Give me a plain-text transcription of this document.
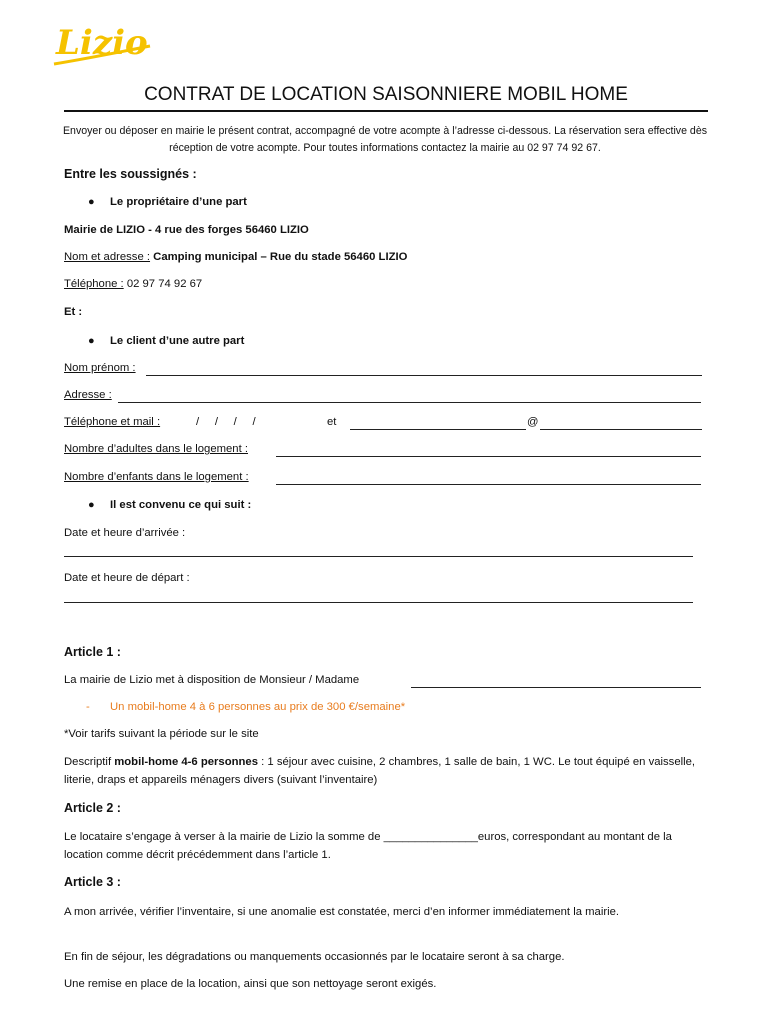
Lizio
CONTRAT DE LOCATION SAISONNIERE MOBIL HOME
Envoyer ou déposer en mairie le présent contrat, accompagné de votre acompte à l’adresse ci-dessous. La réservation sera effective dès réception de votre acompte. Pour toutes informations contactez la mairie au 02 97 74 92 67.
Entre les soussignés :
● Le propriétaire d’une part
Mairie de LIZIO - 4 rue des forges 56460 LIZIO
Nom et adresse : Camping municipal – Rue du stade 56460 LIZIO
Téléphone : 02 97 74 92 67
Et :
● Le client d’une autre part
Nom prénom :
Adresse :
Téléphone et mail :	/     /     /     /	et	@
Nombre d’adultes dans le logement :
Nombre d’enfants dans le logement :
● Il est convenu ce qui suit :
Date et heure d’arrivée :
Date et heure de départ :
Article 1 :
La mairie de Lizio met à disposition de Monsieur / Madame
- Un mobil-home 4 à 6 personnes au prix de 300 €/semaine*
*Voir tarifs suivant la période sur le site
Descriptif mobil-home 4-6 personnes : 1 séjour avec cuisine, 2 chambres, 1 salle de bain, 1 WC. Le tout équipé en vaisselle, literie, draps et appareils ménagers divers (suivant l’inventaire)
Article 2 :
Le locataire s’engage à verser à la mairie de Lizio la somme de _______________euros, correspondant au montant de la location comme décrit précédemment dans l’article 1.
Article 3 :
A mon arrivée, vérifier l’inventaire, si une anomalie est constatée, merci d’en informer immédiatement la mairie.
En fin de séjour, les dégradations ou manquements occasionnés par le locataire seront à sa charge.
Une remise en place de la location, ainsi que son nettoyage seront exigés.
